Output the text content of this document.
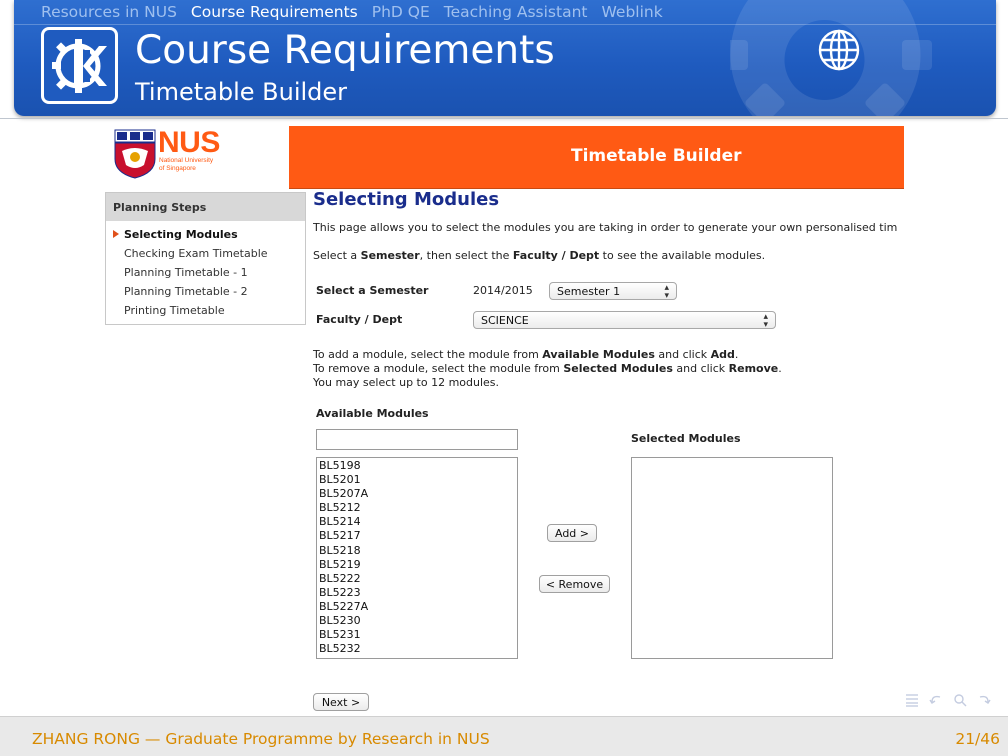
Resources in NUS Course Requirements PhD QE Teaching Assistant Weblink
Course Requirements
Timetable Builder
NUS
National University
of Singapore
Timetable Builder
Planning Steps
Selecting Modules
Checking Exam Timetable
Planning Timetable - 1
Planning Timetable - 2
Printing Timetable
Selecting Modules
This page allows you to select the modules you are taking in order to generate your own personalised tim
Select a Semester, then select the Faculty / Dept to see the available modules.
Select a Semester	2014/2015	Semester 1	▴
▾
Faculty / Dept	SCIENCE	▴
▾
To add a module, select the module from Available Modules and click Add.
To remove a module, select the module from Selected Modules and click Remove.
You may select up to 12 modules.
Available Modules
BL5198
BL5201
BL5207A
BL5212
BL5214
BL5217
BL5218
BL5219
BL5222
BL5223
BL5227A
BL5230
BL5231
BL5232
Add >
< Remove
Selected Modules
Next >
ZHANG RONG — Graduate Programme by Research in NUS	21/46
